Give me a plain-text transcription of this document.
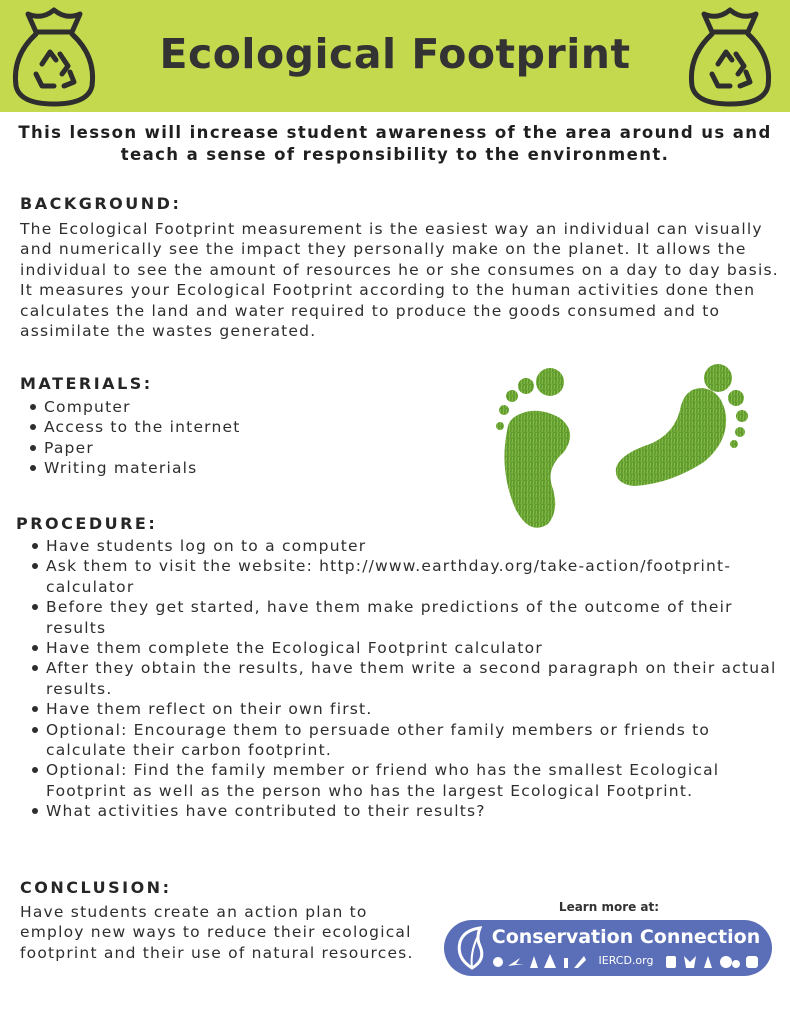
Ecological Footprint
This lesson will increase student awareness of the area around us and teach a sense of responsibility to the environment.
BACKGROUND:

The Ecological Footprint measurement is the easiest way an individual can visually and numerically see the impact they personally make on the planet. It allows the individual to see the amount of resources he or she consumes on a day to day basis. It measures your Ecological Footprint according to the human activities done then calculates the land and water required to produce the goods consumed and to assimilate the wastes generated.

MATERIALS:
Computer
Access to the internet
Paper
Writing materials
PROCEDURE:
Have students log on to a computer
Ask them to visit the website: http://www.earthday.org/take-action/footprint-calculator
Before they get started, have them make predictions of the outcome of their results
Have them complete the Ecological Footprint calculator
After they obtain the results, have them write a second paragraph on their actual results.
Have them reflect on their own first.
Optional: Encourage them to persuade other family members or friends to calculate their carbon footprint.
Optional: Find the family member or friend who has the smallest Ecological Footprint as well as the person who has the largest Ecological Footprint.
What activities have contributed to their results?
CONCLUSION:

Have students create an action plan to employ new ways to reduce their ecological footprint and their use of natural resources.

Learn more at:
Conservation Connection
IERCD.org
